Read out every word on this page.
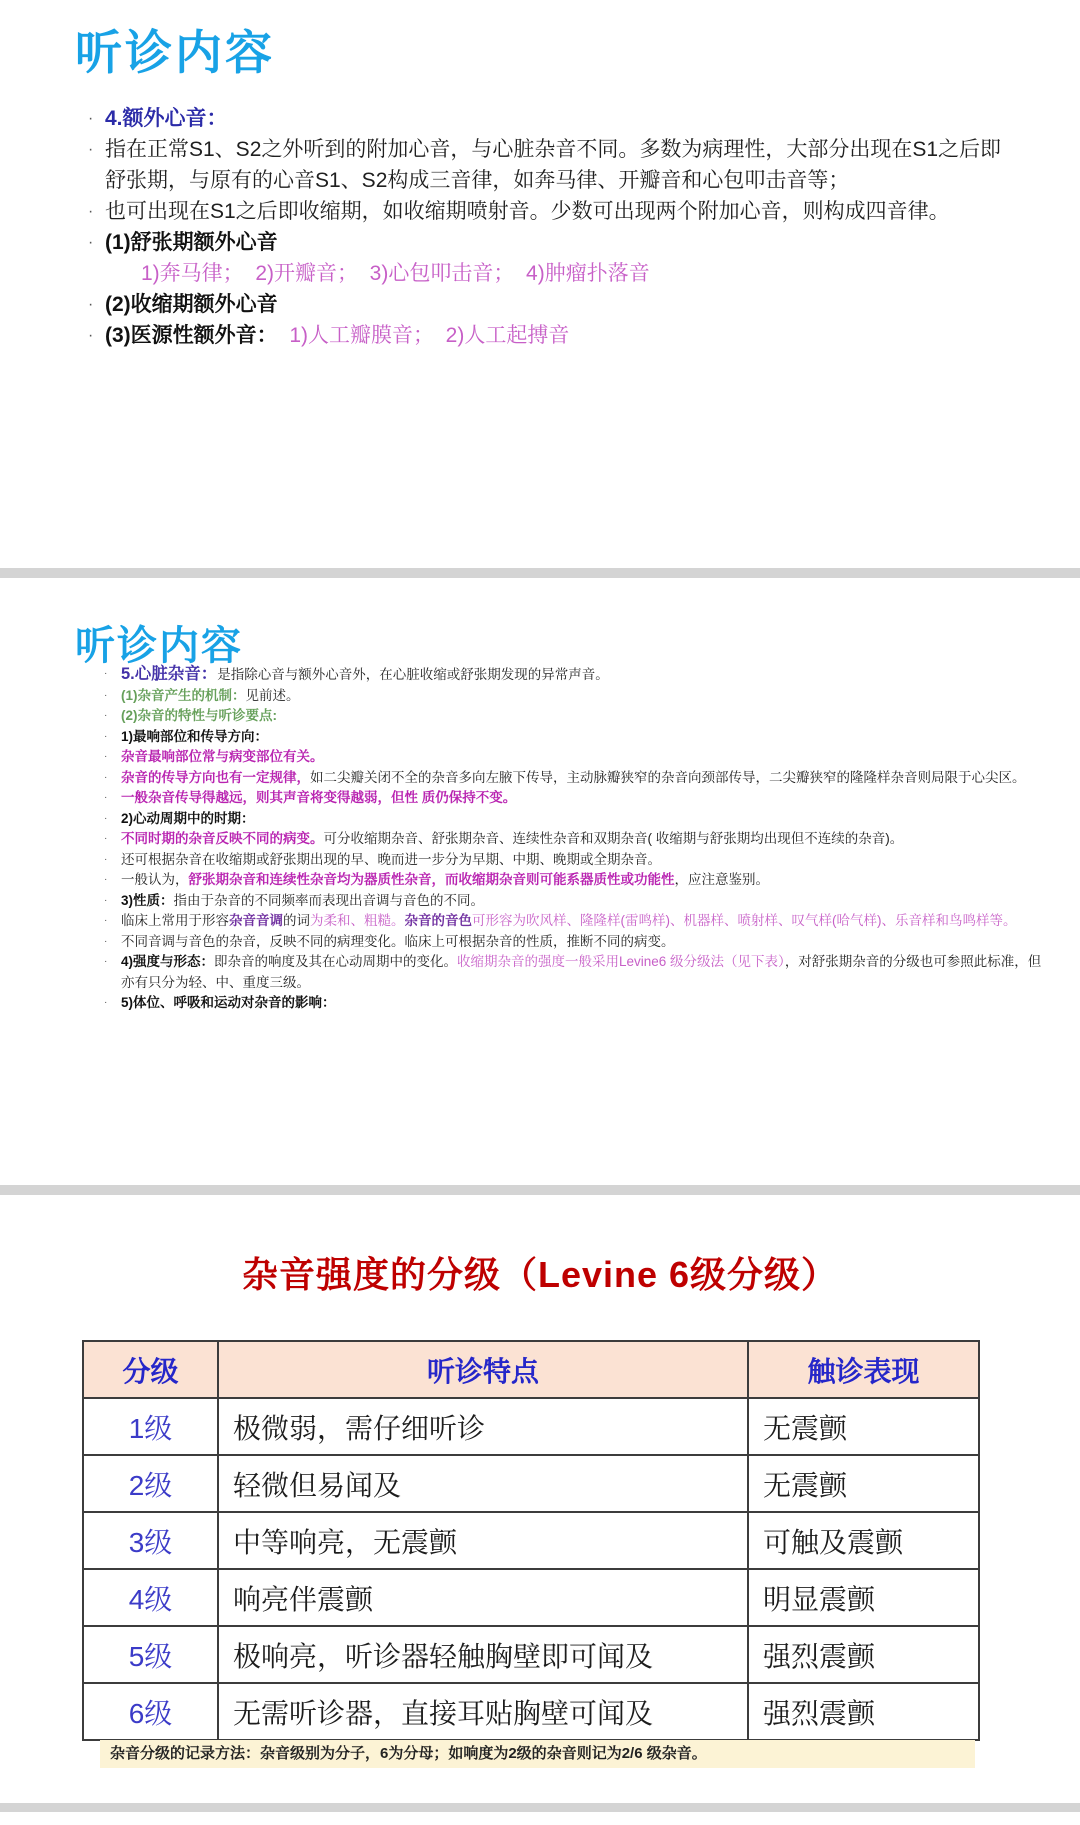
听诊内容
· 4.额外心音：
· 指在正常S1、S2之外听到的附加心音，与心脏杂音不同。多数为病理性，大部分出现在S1之后即舒张期，与原有的心音S1、S2构成三音律，如奔马律、开瓣音和心包叩击音等；
· 也可出现在S1之后即收缩期，如收缩期喷射音。少数可出现两个附加心音，则构成四音律。
· (1)舒张期额外心音
1)奔马律；  2)开瓣音；  3)心包叩击音；  4)肿瘤扑落音
· (2)收缩期额外心音
· (3)医源性额外音：  1)人工瓣膜音；  2)人工起搏音
听诊内容
· 5.心脏杂音：是指除心音与额外心音外，在心脏收缩或舒张期发现的异常声音。
·	(1)杂音产生的机制：见前述。
·	(2)杂音的特性与听诊要点:
·	1)最响部位和传导方向：
·	杂音最响部位常与病变部位有关。
·	杂音的传导方向也有一定规律，如二尖瓣关闭不全的杂音多向左腋下传导，主动脉瓣狭窄的杂音向颈部传导，二尖瓣狭窄的隆隆样杂音则局限于心尖区。
·	一般杂音传导得越远，则其声音将变得越弱，但性 质仍保持不变。
·	2)心动周期中的时期：
·	不同时期的杂音反映不同的病变。可分收缩期杂音、舒张期杂音、连续性杂音和双期杂音( 收缩期与舒张期均出现但不连续的杂音)。
·	还可根据杂音在收缩期或舒张期出现的早、晚而进一步分为早期、中期、晚期或全期杂音。
·	一般认为，舒张期杂音和连续性杂音均为器质性杂音，而收缩期杂音则可能系器质性或功能性，应注意鉴别。
·	3)性质：指由于杂音的不同频率而表现出音调与音色的不同。
·	临床上常用于形容杂音音调的词为柔和、粗糙。杂音的音色可形容为吹风样、隆隆样(雷鸣样)、机器样、喷射样、叹气样(哈气样)、乐音样和鸟鸣样等。
·	不同音调与音色的杂音，反映不同的病理变化。临床上可根据杂音的性质，推断不同的病变。
·	4)强度与形态：即杂音的响度及其在心动周期中的变化。收缩期杂音的强度一般采用Levine6 级分级法（见下表），对舒张期杂音的分级也可参照此标准，但亦有只分为轻、中、重度三级。
·	5)体位、呼吸和运动对杂音的影响：
杂音强度的分级（Levine 6级分级）
分级	听诊特点	触诊表现
1级	极微弱，需仔细听诊	无震颤
2级	轻微但易闻及	无震颤
3级	中等响亮，无震颤	可触及震颤
4级	响亮伴震颤	明显震颤
5级	极响亮，听诊器轻触胸壁即可闻及	强烈震颤
6级	无需听诊器，直接耳贴胸壁可闻及	强烈震颤
杂音分级的记录方法：杂音级别为分子，6为分母；如响度为2级的杂音则记为2/6 级杂音。
